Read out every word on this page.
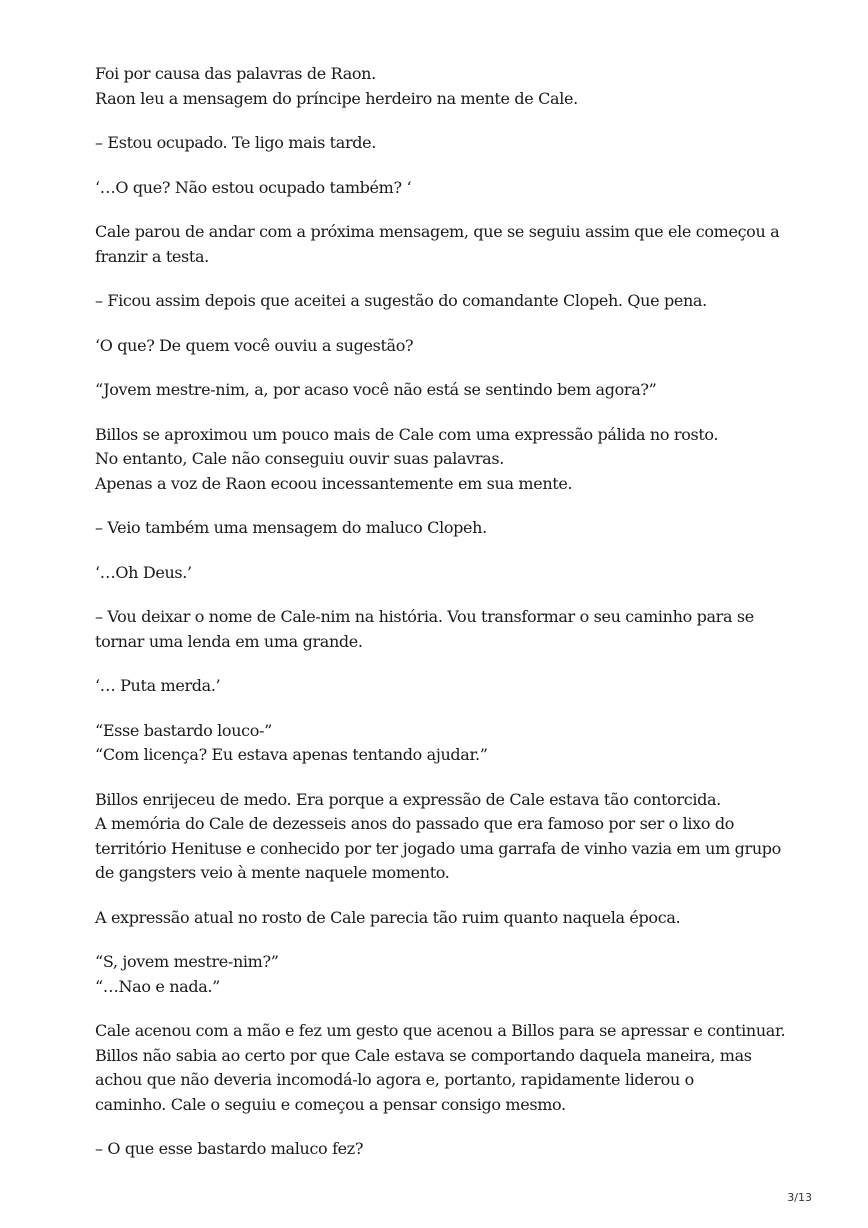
Foi por causa das palavras de Raon.
Raon leu a mensagem do príncipe herdeiro na mente de Cale.

– Estou ocupado. Te ligo mais tarde.

‘…O que? Não estou ocupado também? ‘

Cale parou de andar com a próxima mensagem, que se seguiu assim que ele começou a
franzir a testa.

– Ficou assim depois que aceitei a sugestão do comandante Clopeh. Que pena.

‘O que? De quem você ouviu a sugestão?

“Jovem mestre-nim, a, por acaso você não está se sentindo bem agora?”

Billos se aproximou um pouco mais de Cale com uma expressão pálida no rosto.
No entanto, Cale não conseguiu ouvir suas palavras.
Apenas a voz de Raon ecoou incessantemente em sua mente.

– Veio também uma mensagem do maluco Clopeh.

‘…Oh Deus.’

– Vou deixar o nome de Cale-nim na história. Vou transformar o seu caminho para se
tornar uma lenda em uma grande.

‘… Puta merda.’

“Esse bastardo louco-”
“Com licença? Eu estava apenas tentando ajudar.”

Billos enrijeceu de medo. Era porque a expressão de Cale estava tão contorcida.
A memória do Cale de dezesseis anos do passado que era famoso por ser o lixo do
território Henituse e conhecido por ter jogado uma garrafa de vinho vazia em um grupo
de gangsters veio à mente naquele momento.

A expressão atual no rosto de Cale parecia tão ruim quanto naquela época.

“S, jovem mestre-nim?”
“…Nao e nada.”

Cale acenou com a mão e fez um gesto que acenou a Billos para se apressar e continuar.
Billos não sabia ao certo por que Cale estava se comportando daquela maneira, mas
achou que não deveria incomodá-lo agora e, portanto, rapidamente liderou o
caminho. Cale o seguiu e começou a pensar consigo mesmo.

– O que esse bastardo maluco fez?

3/13
